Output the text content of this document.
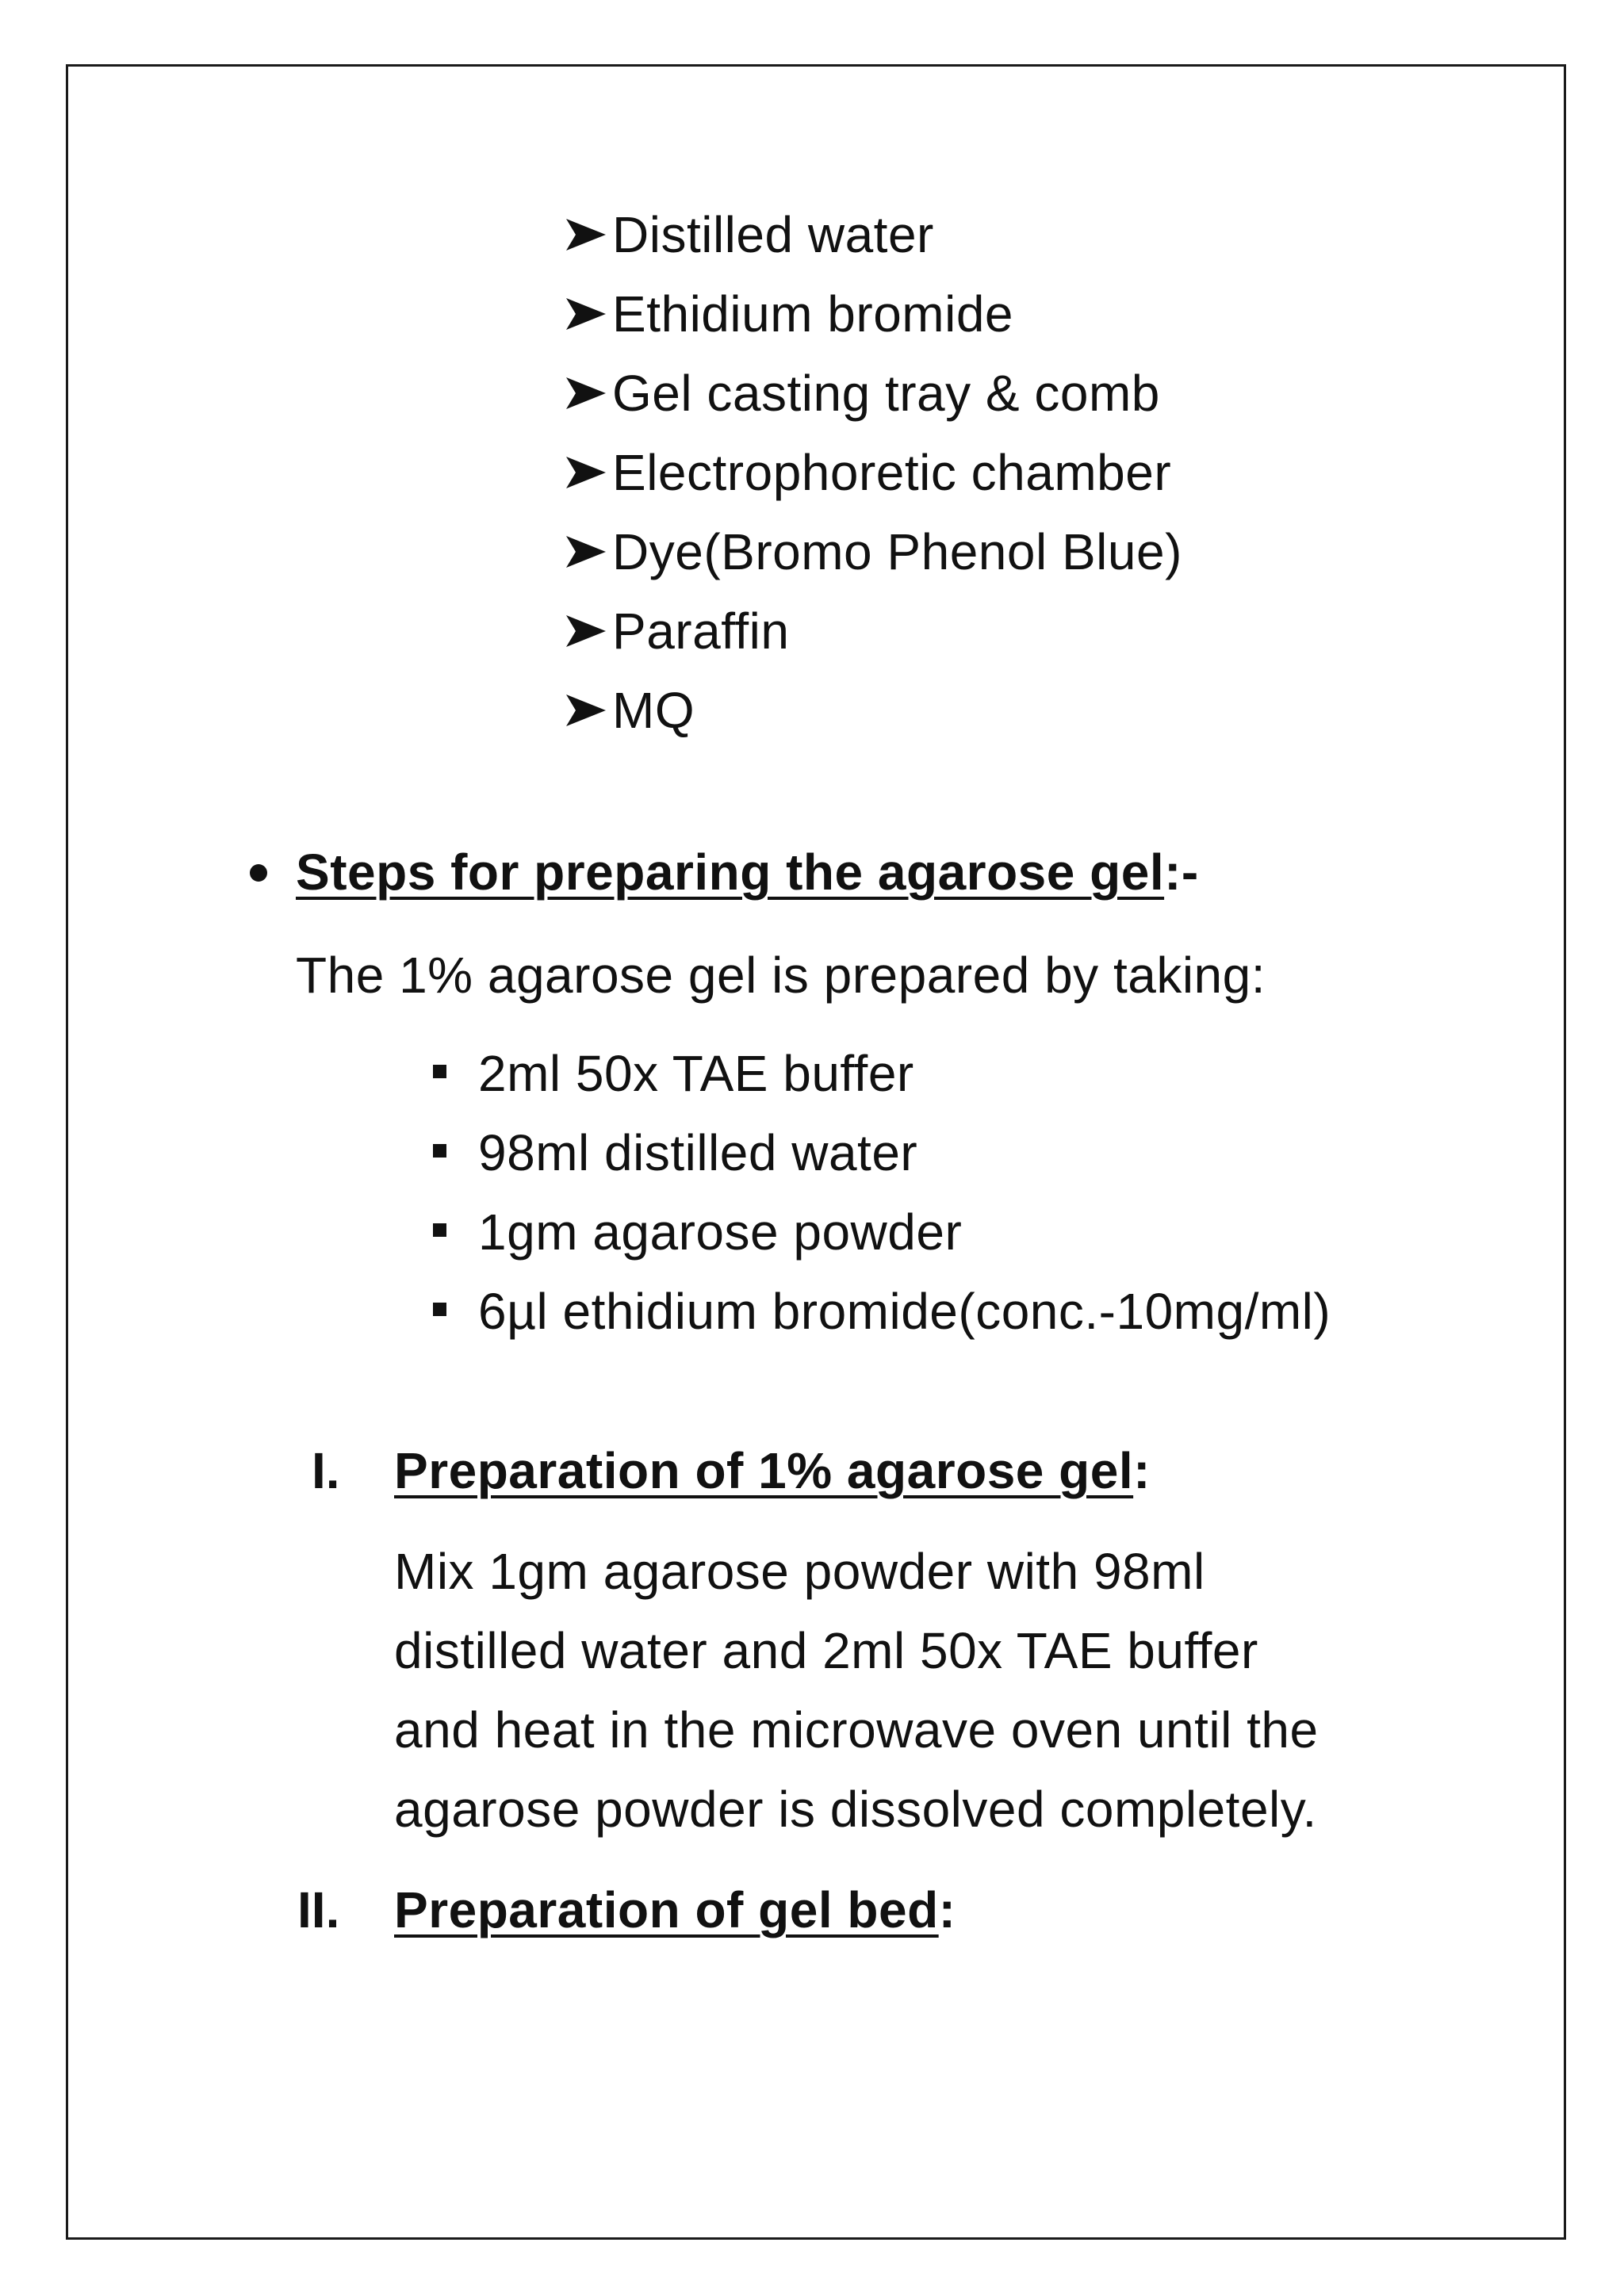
Distilled water
Ethidium bromide
Gel casting tray & comb
Electrophoretic chamber
Dye(Bromo Phenol Blue)
Paraffin
MQ
Steps for preparing the agarose gel:-
The 1% agarose gel is prepared by taking:
2ml 50x TAE buffer
98ml distilled water
1gm agarose powder
6µl ethidium bromide(conc.-10mg/ml)
I. Preparation of 1% agarose gel:
Mix 1gm agarose powder with 98ml
distilled water and 2ml 50x TAE buffer
and heat in the microwave oven until the
agarose powder is dissolved completely.
II. Preparation of gel bed:
